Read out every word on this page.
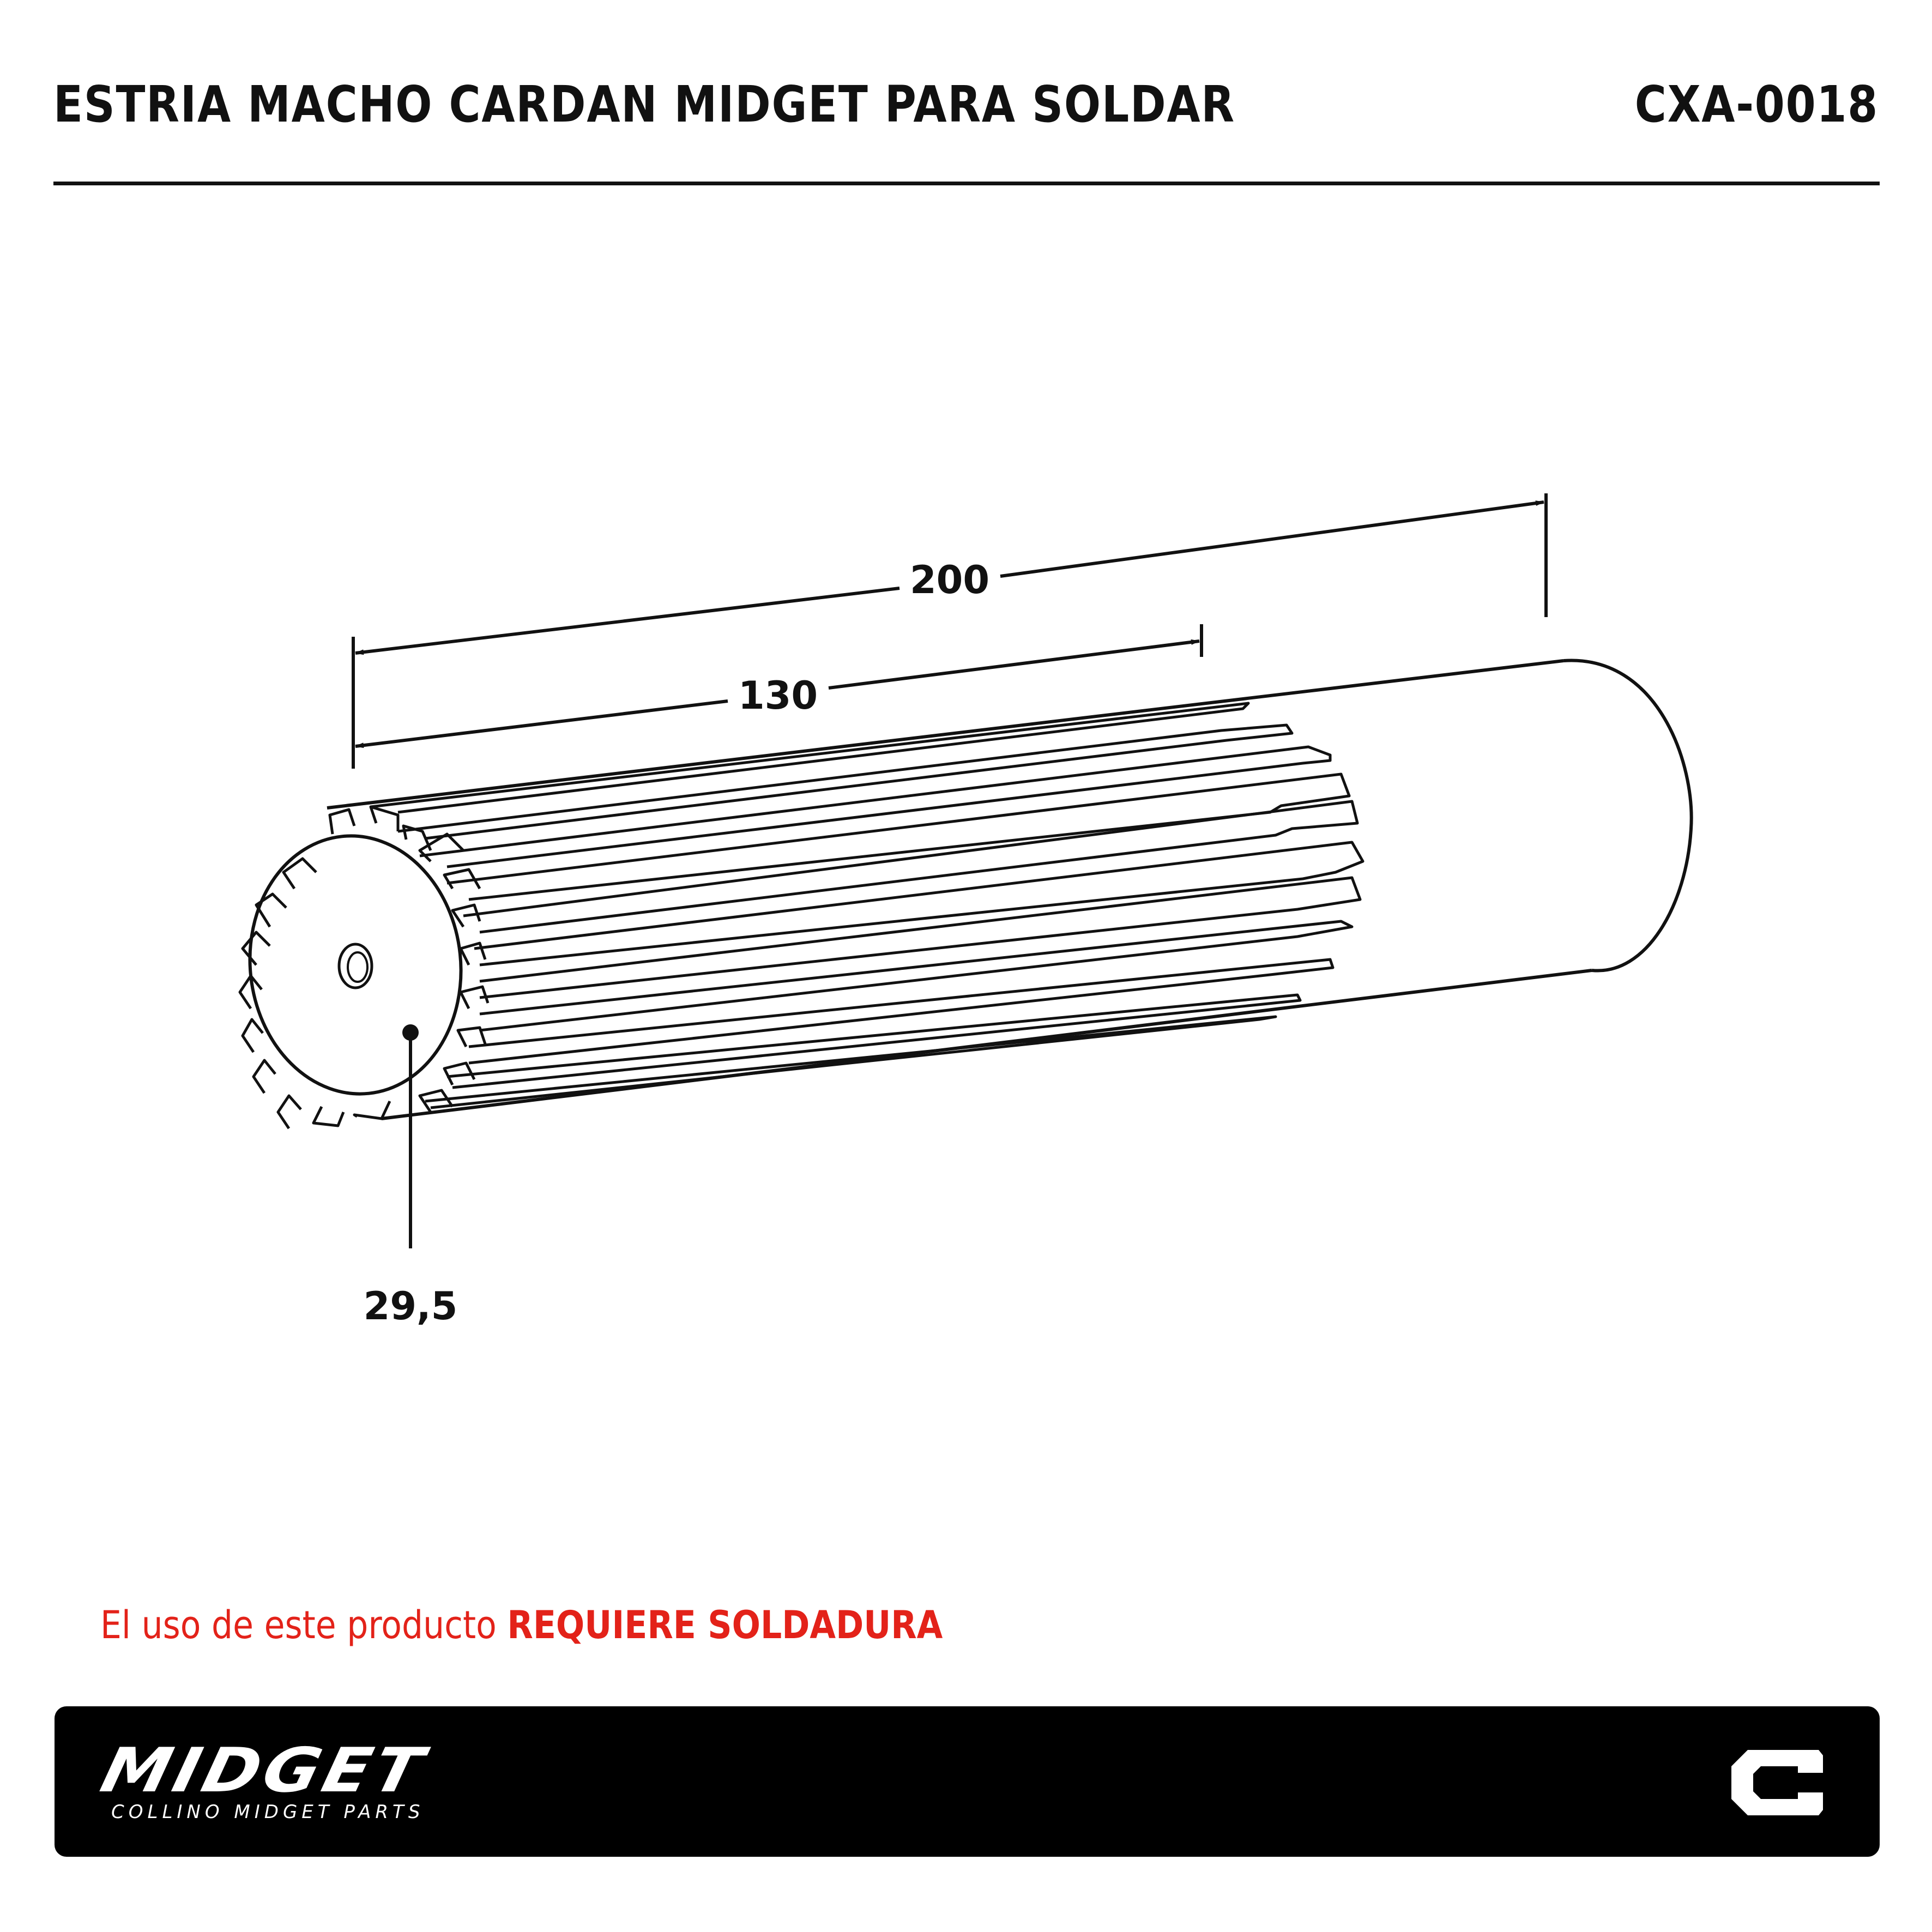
ESTRIA MACHO CARDAN MIDGET PARA SOLDAR	CXA-0018
200
130
29,5
El uso de este producto REQUIERE SOLDADURA
MIDGET
COLLINO MIDGET PARTS
